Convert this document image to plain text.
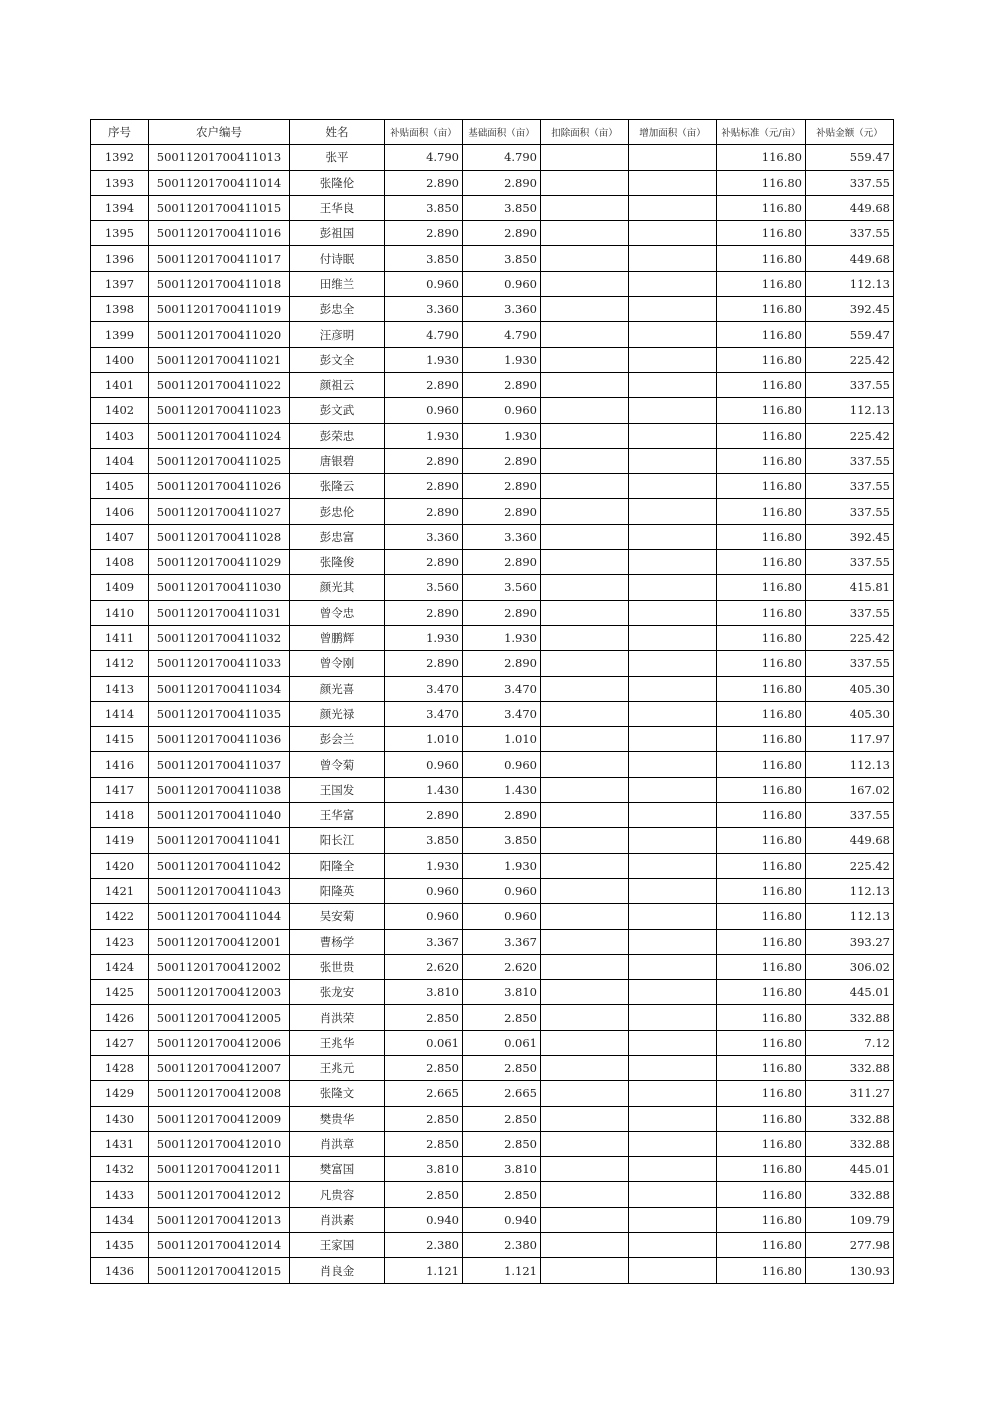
序号	农户编号	姓名	补贴面积（亩）	基础面积（亩）	扣除面积（亩）	增加面积（亩）	补贴标准（元/亩）	补贴金额（元）
1392	50011201700411013	张平	4.790	4.790			116.80	559.47
1393	50011201700411014	张隆伦	2.890	2.890			116.80	337.55
1394	50011201700411015	王华良	3.850	3.850			116.80	449.68
1395	50011201700411016	彭祖国	2.890	2.890			116.80	337.55
1396	50011201700411017	付诗眠	3.850	3.850			116.80	449.68
1397	50011201700411018	田维兰	0.960	0.960			116.80	112.13
1398	50011201700411019	彭忠全	3.360	3.360			116.80	392.45
1399	50011201700411020	汪彦明	4.790	4.790			116.80	559.47
1400	50011201700411021	彭文全	1.930	1.930			116.80	225.42
1401	50011201700411022	颜祖云	2.890	2.890			116.80	337.55
1402	50011201700411023	彭文武	0.960	0.960			116.80	112.13
1403	50011201700411024	彭荣忠	1.930	1.930			116.80	225.42
1404	50011201700411025	唐银碧	2.890	2.890			116.80	337.55
1405	50011201700411026	张隆云	2.890	2.890			116.80	337.55
1406	50011201700411027	彭忠伦	2.890	2.890			116.80	337.55
1407	50011201700411028	彭忠富	3.360	3.360			116.80	392.45
1408	50011201700411029	张隆俊	2.890	2.890			116.80	337.55
1409	50011201700411030	颜光其	3.560	3.560			116.80	415.81
1410	50011201700411031	曾令忠	2.890	2.890			116.80	337.55
1411	50011201700411032	曾鹏辉	1.930	1.930			116.80	225.42
1412	50011201700411033	曾令刚	2.890	2.890			116.80	337.55
1413	50011201700411034	颜光喜	3.470	3.470			116.80	405.30
1414	50011201700411035	颜光禄	3.470	3.470			116.80	405.30
1415	50011201700411036	彭会兰	1.010	1.010			116.80	117.97
1416	50011201700411037	曾令菊	0.960	0.960			116.80	112.13
1417	50011201700411038	王国发	1.430	1.430			116.80	167.02
1418	50011201700411040	王华富	2.890	2.890			116.80	337.55
1419	50011201700411041	阳长江	3.850	3.850			116.80	449.68
1420	50011201700411042	阳隆全	1.930	1.930			116.80	225.42
1421	50011201700411043	阳隆英	0.960	0.960			116.80	112.13
1422	50011201700411044	吴安菊	0.960	0.960			116.80	112.13
1423	50011201700412001	曹杨学	3.367	3.367			116.80	393.27
1424	50011201700412002	张世贵	2.620	2.620			116.80	306.02
1425	50011201700412003	张龙安	3.810	3.810			116.80	445.01
1426	50011201700412005	肖洪荣	2.850	2.850			116.80	332.88
1427	50011201700412006	王兆华	0.061	0.061			116.80	7.12
1428	50011201700412007	王兆元	2.850	2.850			116.80	332.88
1429	50011201700412008	张隆文	2.665	2.665			116.80	311.27
1430	50011201700412009	樊贵华	2.850	2.850			116.80	332.88
1431	50011201700412010	肖洪章	2.850	2.850			116.80	332.88
1432	50011201700412011	樊富国	3.810	3.810			116.80	445.01
1433	50011201700412012	凡贵容	2.850	2.850			116.80	332.88
1434	50011201700412013	肖洪素	0.940	0.940			116.80	109.79
1435	50011201700412014	王家国	2.380	2.380			116.80	277.98
1436	50011201700412015	肖良金	1.121	1.121			116.80	130.93
